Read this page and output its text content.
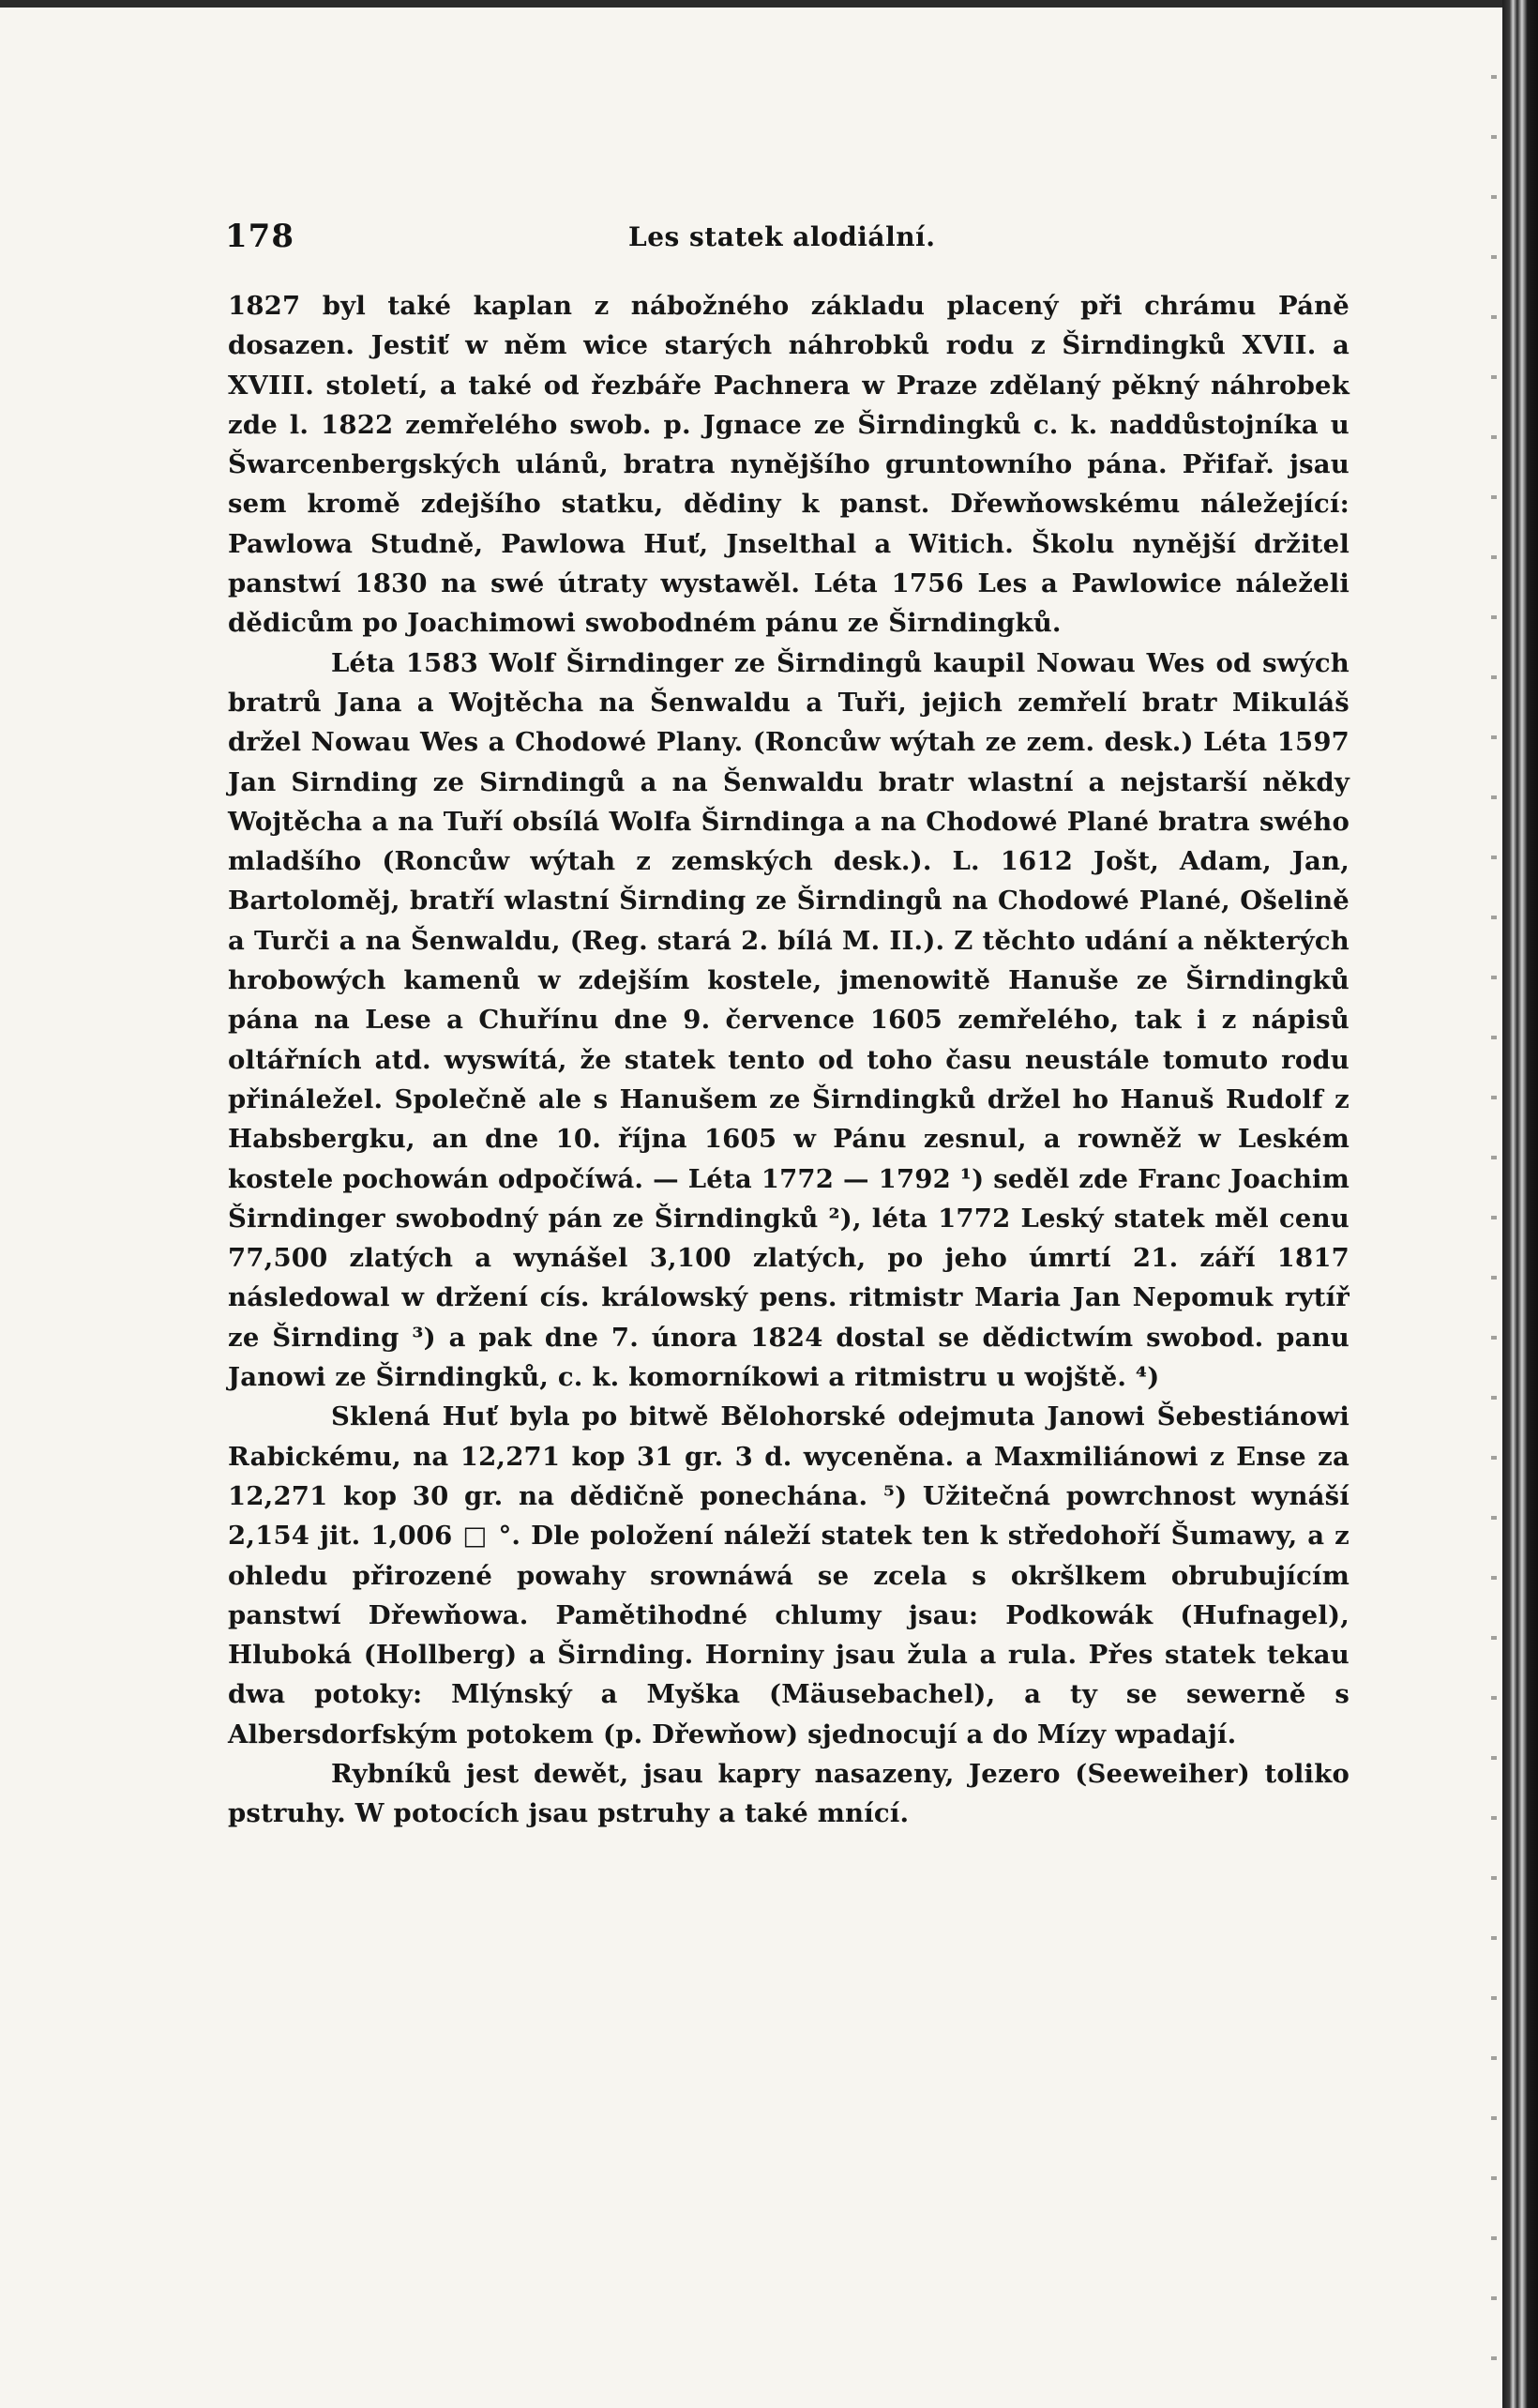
178	Les statek alodiální.

1827 byl také kaplan z nábožného základu placený při chrámu Páně dosazen. Jestiť w něm wice starých náhrobků rodu z Širndingků XVII. a XVIII. století, a také od řezbáře Pachnera w Praze zdělaný pěkný náhrobek zde l. 1822 zemřelého swob. p. Jgnace ze Širndingků c. k. naddůstojníka u Šwarcenbergských ulánů, bratra nynějšího gruntowního pána. Přifař. jsau sem kromě zdejšího statku, dědiny k panst. Dřewňowskému náležející: Pawlowa Studně, Pawlowa Huť, Jnselthal a Witich. Školu nynější držitel panstwí 1830 na swé útraty wystawěl. Léta 1756 Les a Pawlowice náleželi dědicům po Joachimowi swobodném pánu ze Širndingků.

Léta 1583 Wolf Širndinger ze Širndingů kaupil Nowau Wes od swých bratrů Jana a Wojtěcha na Šenwaldu a Tuři, jejich zemřelí bratr Mikuláš držel Nowau Wes a Chodowé Plany. (Roncůw wýtah ze zem. desk.) Léta 1597 Jan Sirnding ze Sirndingů a na Šenwaldu bratr wlastní a nejstarší někdy Wojtěcha a na Tuří obsílá Wolfa Širndinga a na Chodowé Plané bratra swého mladšího (Roncůw wýtah z zemských desk.). L. 1612 Jošt, Adam, Jan, Bartoloměj, bratří wlastní Širnding ze Širndingů na Chodowé Plané, Ošelině a Turči a na Šenwaldu, (Reg. stará 2. bílá M. II.). Z těchto udání a některých hrobowých kamenů w zdejším kostele, jmenowitě Hanuše ze Širndingků pána na Lese a Chuřínu dne 9. července 1605 zemřelého, tak i z nápisů oltářních atd. wyswítá, že statek tento od toho času neustále tomuto rodu přináležel. Společně ale s Hanušem ze Širndingků držel ho Hanuš Rudolf z Habsbergku, an dne 10. října 1605 w Pánu zesnul, a rowněž w Leském kostele pochowán odpočíwá. — Léta 1772 — 1792 ¹) seděl zde Franc Joachim Širndinger swobodný pán ze Širndingků ²), léta 1772 Leský statek měl cenu 77,500 zlatých a wynášel 3,100 zlatých, po jeho úmrtí 21. září 1817 následowal w držení cís. králowský pens. ritmistr Maria Jan Nepomuk rytíř ze Širnding ³) a pak dne 7. února 1824 dostal se dědictwím swobod. panu Janowi ze Širndingků, c. k. komorníkowi a ritmistru u wojště. ⁴)

Sklená Huť byla po bitwě Bělohorské odejmuta Janowi Šebestiánowi Rabickému, na 12,271 kop 31 gr. 3 d. wyceněna. a Maxmiliánowi z Ense za 12,271 kop 30 gr. na dědičně ponechána. ⁵) Užitečná powrchnost wynáší 2,154 jit. 1,006 □ °. Dle položení náleží statek ten k středohoří Šumawy, a z ohledu přirozené powahy srownáwá se zcela s okršlkem obrubujícím panstwí Dřewňowa. Pamětihodné chlumy jsau: Podkowák (Hufnagel), Hluboká (Hollberg) a Širnding. Horniny jsau žula a rula. Přes statek tekau dwa potoky: Mlýnský a Myška (Mäusebachel), a ty se sewerně s Albersdorfským potokem (p. Dřewňow) sjednocují a do Mízy wpadají.

Rybníků jest dewět, jsau kapry nasazeny, Jezero (Seeweiher) toliko pstruhy. W potocích jsau pstruhy a také mnící.
